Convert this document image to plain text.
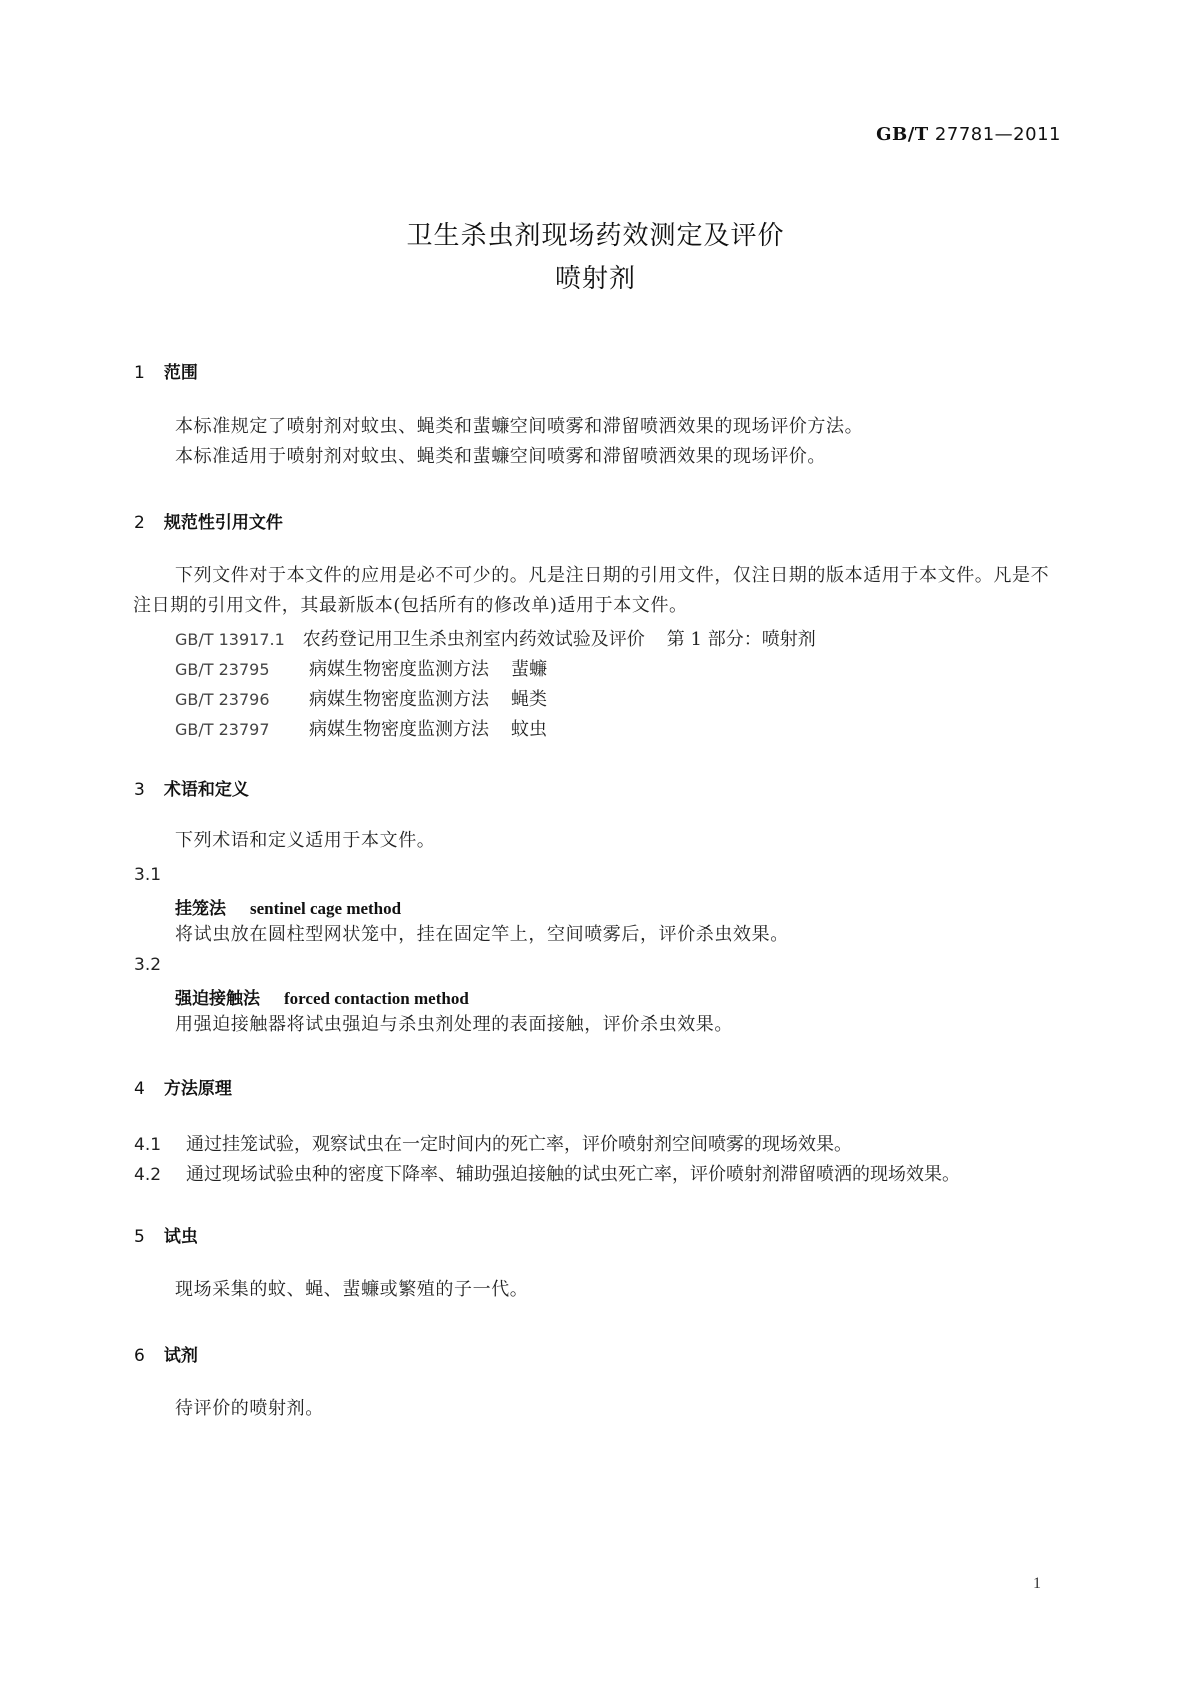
GB/T 27781—2011
卫生杀虫剂现场药效测定及评价
喷射剂
1 范围
本标准规定了喷射剂对蚊虫、蝇类和蜚蠊空间喷雾和滞留喷洒效果的现场评价方法。
本标准适用于喷射剂对蚊虫、蝇类和蜚蠊空间喷雾和滞留喷洒效果的现场评价。
2 规范性引用文件
下列文件对于本文件的应用是必不可少的。凡是注日期的引用文件，仅注日期的版本适用于本文件。凡是不注日期的引用文件，其最新版本(包括所有的修改单)适用于本文件。
GB/T 13917.1 农药登记用卫生杀虫剂室内药效试验及评价 第 1 部分：喷射剂
GB/T 23795 病媒生物密度监测方法 蜚蠊
GB/T 23796 病媒生物密度监测方法 蝇类
GB/T 23797 病媒生物密度监测方法 蚊虫
3 术语和定义
下列术语和定义适用于本文件。
3.1
挂笼法 sentinel cage method
将试虫放在圆柱型网状笼中，挂在固定竿上，空间喷雾后，评价杀虫效果。
3.2
强迫接触法 forced contaction method
用强迫接触器将试虫强迫与杀虫剂处理的表面接触，评价杀虫效果。
4 方法原理
4.1 通过挂笼试验，观察试虫在一定时间内的死亡率，评价喷射剂空间喷雾的现场效果。
4.2 通过现场试验虫种的密度下降率、辅助强迫接触的试虫死亡率，评价喷射剂滞留喷洒的现场效果。
5 试虫
现场采集的蚊、蝇、蜚蠊或繁殖的子一代。
6 试剂
待评价的喷射剂。
1
